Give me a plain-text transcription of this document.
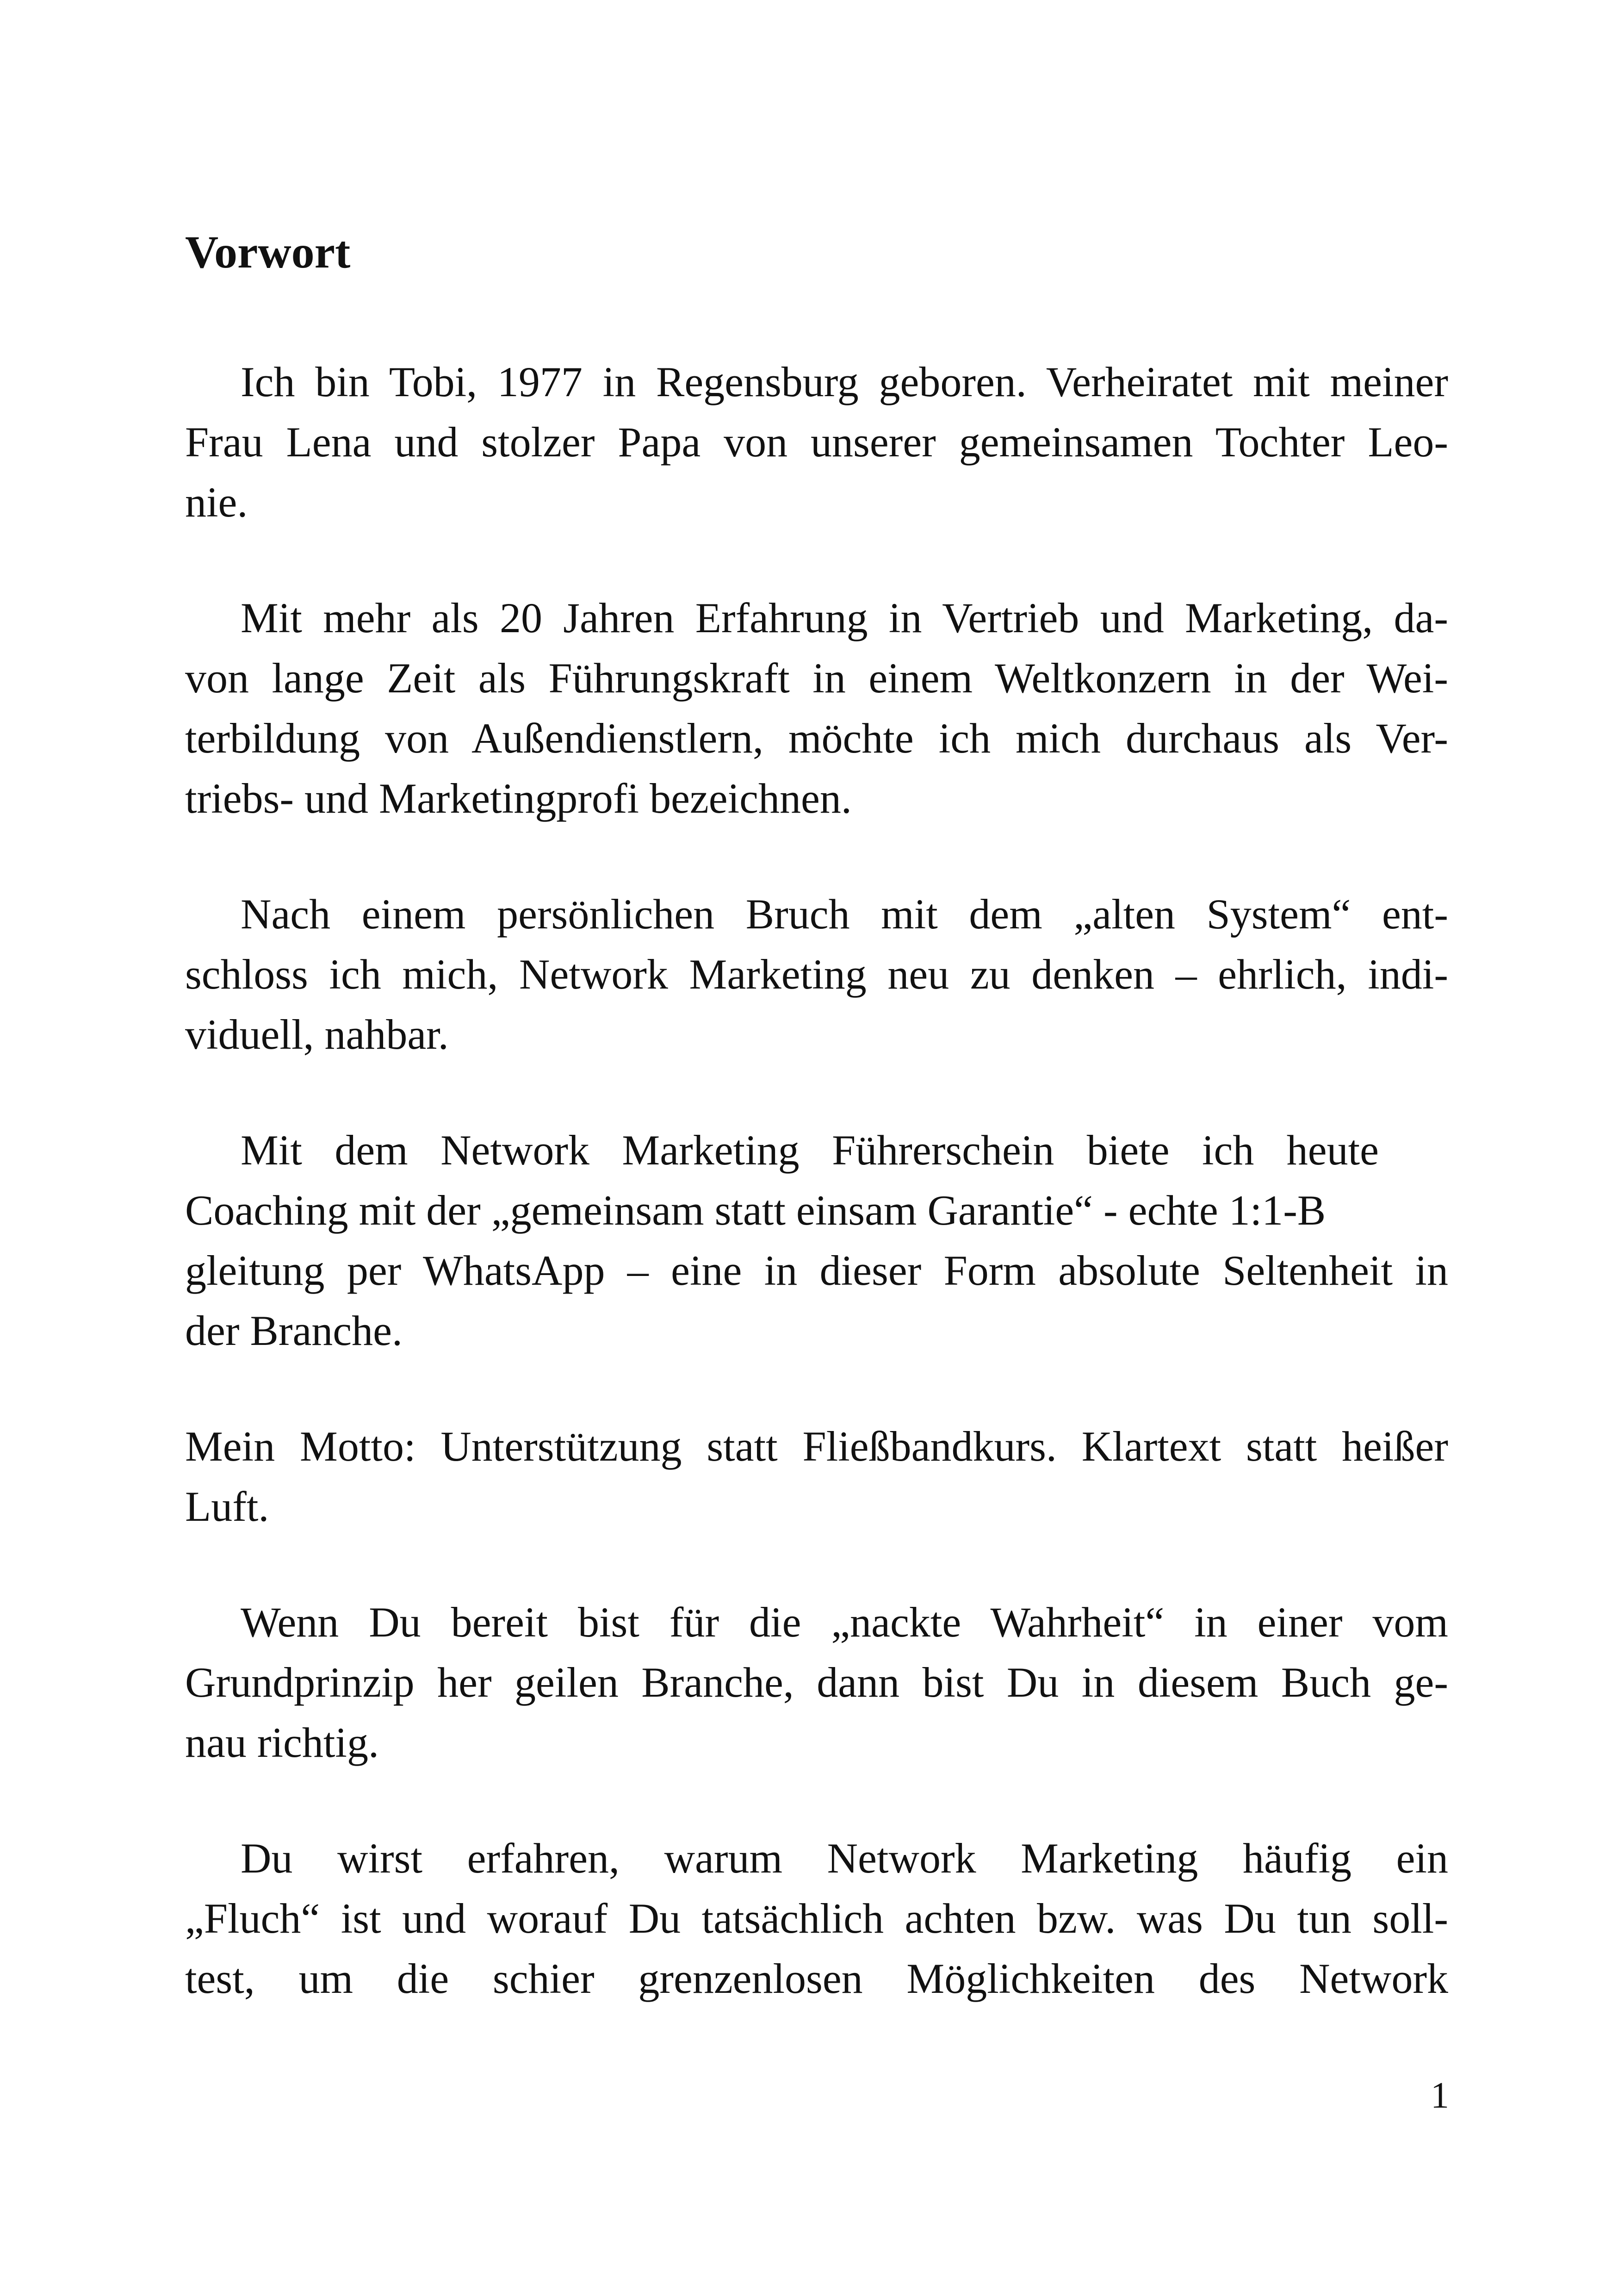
Vorwort

Ich bin Tobi, 1977 in Regensburg geboren. Verheiratet mit meiner

Frau Lena und stolzer Papa von unserer gemeinsamen Tochter Leo-

nie.

Mit mehr als 20 Jahren Erfahrung in Vertrieb und Marketing, da-

von lange Zeit als Führungskraft in einem Weltkonzern in der Wei-

terbildung von Außendienstlern, möchte ich mich durchaus als Ver-

triebs- und Marketingprofi bezeichnen.

Nach einem persönlichen Bruch mit dem „alten System“ ent-

schloss ich mich, Network Marketing neu zu denken – ehrlich, indi-

viduell, nahbar.

Mit dem Network Marketing Führerschein biete ich heute

Coaching mit der „gemeinsam statt einsam Garantie“ - echte 1:1-B

gleitung per WhatsApp – eine in dieser Form absolute Seltenheit in

der Branche.

Mein Motto: Unterstützung statt Fließbandkurs. Klartext statt heißer

Luft.

Wenn Du bereit bist für die „nackte Wahrheit“ in einer vom

Grundprinzip her geilen Branche, dann bist Du in diesem Buch ge-

nau richtig.

Du wirst erfahren, warum Network Marketing häufig ein

„Fluch“ ist und worauf Du tatsächlich achten bzw. was Du tun soll-

test, um die schier grenzenlosen Möglichkeiten des Network

1
